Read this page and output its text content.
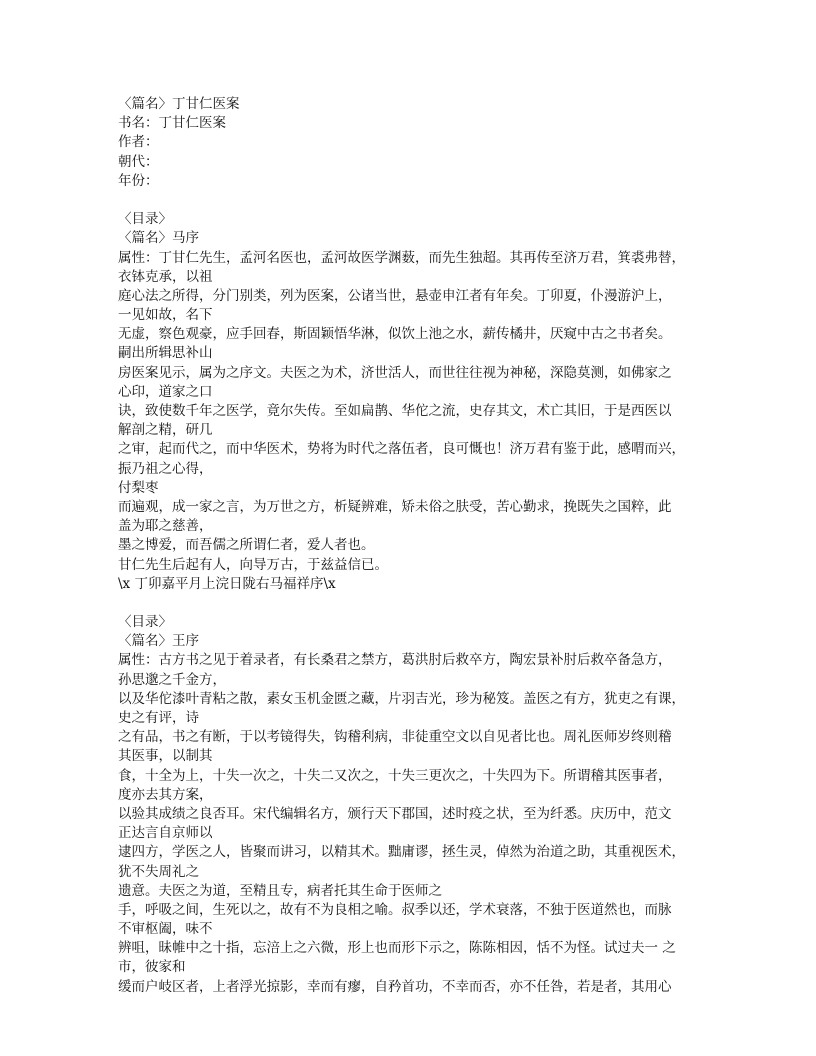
〈篇名〉丁甘仁医案
书名：丁甘仁医案
作者：
朝代：
年份：
〈目录〉
〈篇名〉马序
属性：丁甘仁先生，孟河名医也，孟河故医学渊薮，而先生独超。其再传至济万君，箕裘弗替，
衣钵克承，以祖
庭心法之所得，分门别类，列为医案，公诸当世，悬壶申江者有年矣。丁卯夏，仆漫游沪上，
一见如故，名下
无虚，察色观豪，应手回春，斯固颖悟华淋，似饮上池之水，薪传橘井，厌窥中古之书者矣。
嗣出所辑思补山
房医案见示，属为之序文。夫医之为术，济世活人，而世往往视为神秘，深隐莫测，如佛家之
心印，道家之口
诀，致使数千年之医学，竟尔失传。至如扁鹊、华佗之流，史存其文，术亡其旧，于是西医以
解剖之精，研几
之审，起而代之，而中华医术，势将为时代之落伍者，良可慨也！济万君有鉴于此，感喟而兴，
振乃祖之心得，
付梨枣
而遍观，成一家之言，为万世之方，析疑辨难，矫未俗之肤受，苦心勤求，挽既失之国粹，此
盖为耶之慈善，
墨之博爱，而吾儒之所谓仁者，爱人者也。
甘仁先生后起有人，向导万古，于兹益信已。
\x 丁卯嘉平月上浣日陇右马福祥序\x
〈目录〉
〈篇名〉王序
属性：古方书之见于着录者，有长桑君之禁方，葛洪肘后救卒方，陶宏景补肘后救卒备急方，
孙思邈之千金方，
以及华佗漆叶青粘之散，素女玉机金匮之藏，片羽吉光，珍为秘笈。盖医之有方，犹吏之有课，
史之有评，诗
之有品，书之有断，于以考镜得失，钩稽利病，非徒重空文以自见者比也。周礼医师岁终则稽
其医事，以制其
食，十全为上，十失一次之，十失二又次之，十失三更次之，十失四为下。所谓稽其医事者，
度亦去其方案，
以验其成绩之良否耳。宋代编辑名方，颁行天下郡国，述时疫之状，至为纤悉。庆历中，范文
正达言自京师以
逮四方，学医之人，皆聚而讲习，以精其术。黜庸谬，拯生灵，倬然为治道之助，其重视医术，
犹不失周礼之
遗意。夫医之为道，至精且专，病者托其生命于医师之
手，呼吸之间，生死以之，故有不为良相之喻。叔季以还，学术衰落，不独于医道然也，而脉
不审枢阖，味不
辨咀，昧帷中之十指，忘涪上之六微，形上也而形下示之，陈陈相因，恬不为怪。试过夫一 之
市，彼家和
缓而户岐区者，上者浮光掠影，幸而有瘳，自矜首功，不幸而否，亦不任咎，若是者，其用心
